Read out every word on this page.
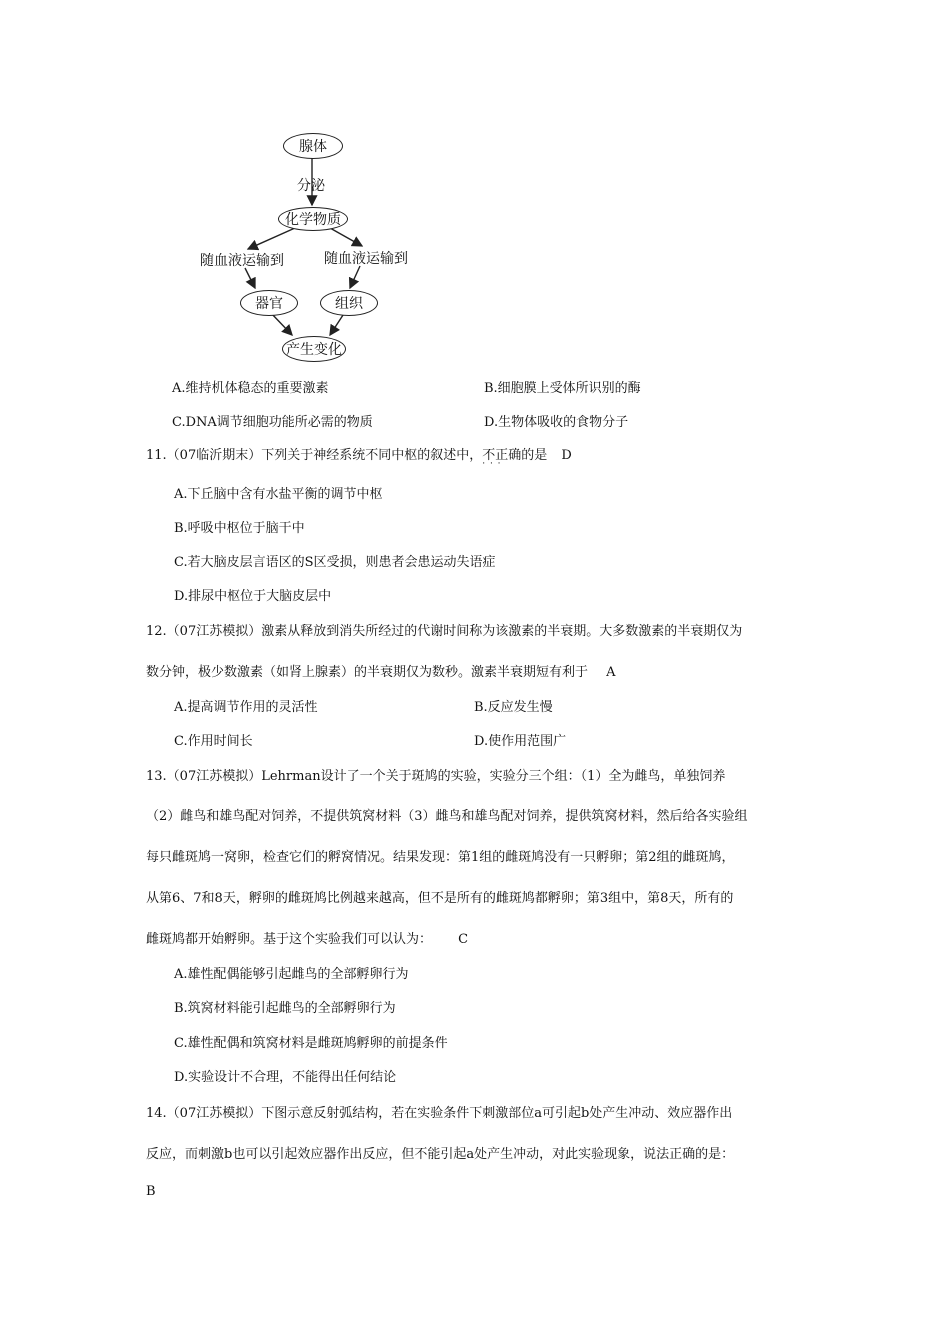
腺体
分泌
化学物质
随血液运输到	随血液运输到
器官	组织
产生变化
A.维持机体稳态的重要激素	B.细胞膜上受体所识别的酶
C.DNA调节细胞功能所必需的物质	D.生物体吸收的食物分子
11.（07临沂期末）下列关于神经系统不同中枢的叙述中，不正确 · · ·的是 D
A.下丘脑中含有水盐平衡的调节中枢
B.呼吸中枢位于脑干中
C.若大脑皮层言语区的S区受损，则患者会患运动失语症
D.排尿中枢位于大脑皮层中
12.（07江苏模拟）激素从释放到消失所经过的代谢时间称为该激素的半衰期。大多数激素的半衰期仅为
数分钟，极少数激素（如肾上腺素）的半衰期仅为数秒。激素半衰期短有利于 A
A.提高调节作用的灵活性	B.反应发生慢
C.作用时间长	D.使作用范围广
13.（07江苏模拟）Lehrman设计了一个关于斑鸠的实验，实验分三个组：（1）全为雌鸟，单独饲养
（2）雌鸟和雄鸟配对饲养，不提供筑窝材料（3）雌鸟和雄鸟配对饲养，提供筑窝材料，然后给各实验组
每只雌斑鸠一窝卵，检查它们的孵窝情况。结果发现：第1组的雌斑鸠没有一只孵卵；第2组的雌斑鸠，
从第6、7和8天，孵卵的雌斑鸠比例越来越高，但不是所有的雌斑鸠都孵卵；第3组中，第8天，所有的
雌斑鸠都开始孵卵。基于这个实验我们可以认为： C
A.雄性配偶能够引起雌鸟的全部孵卵行为
B.筑窝材料能引起雌鸟的全部孵卵行为
C.雄性配偶和筑窝材料是雌斑鸠孵卵的前提条件
D.实验设计不合理，不能得出任何结论
14.（07江苏模拟）下图示意反射弧结构，若在实验条件下刺激部位a可引起b处产生冲动、效应器作出
反应，而刺激b也可以引起效应器作出反应，但不能引起a处产生冲动，对此实验现象，说法正确的是：
B
